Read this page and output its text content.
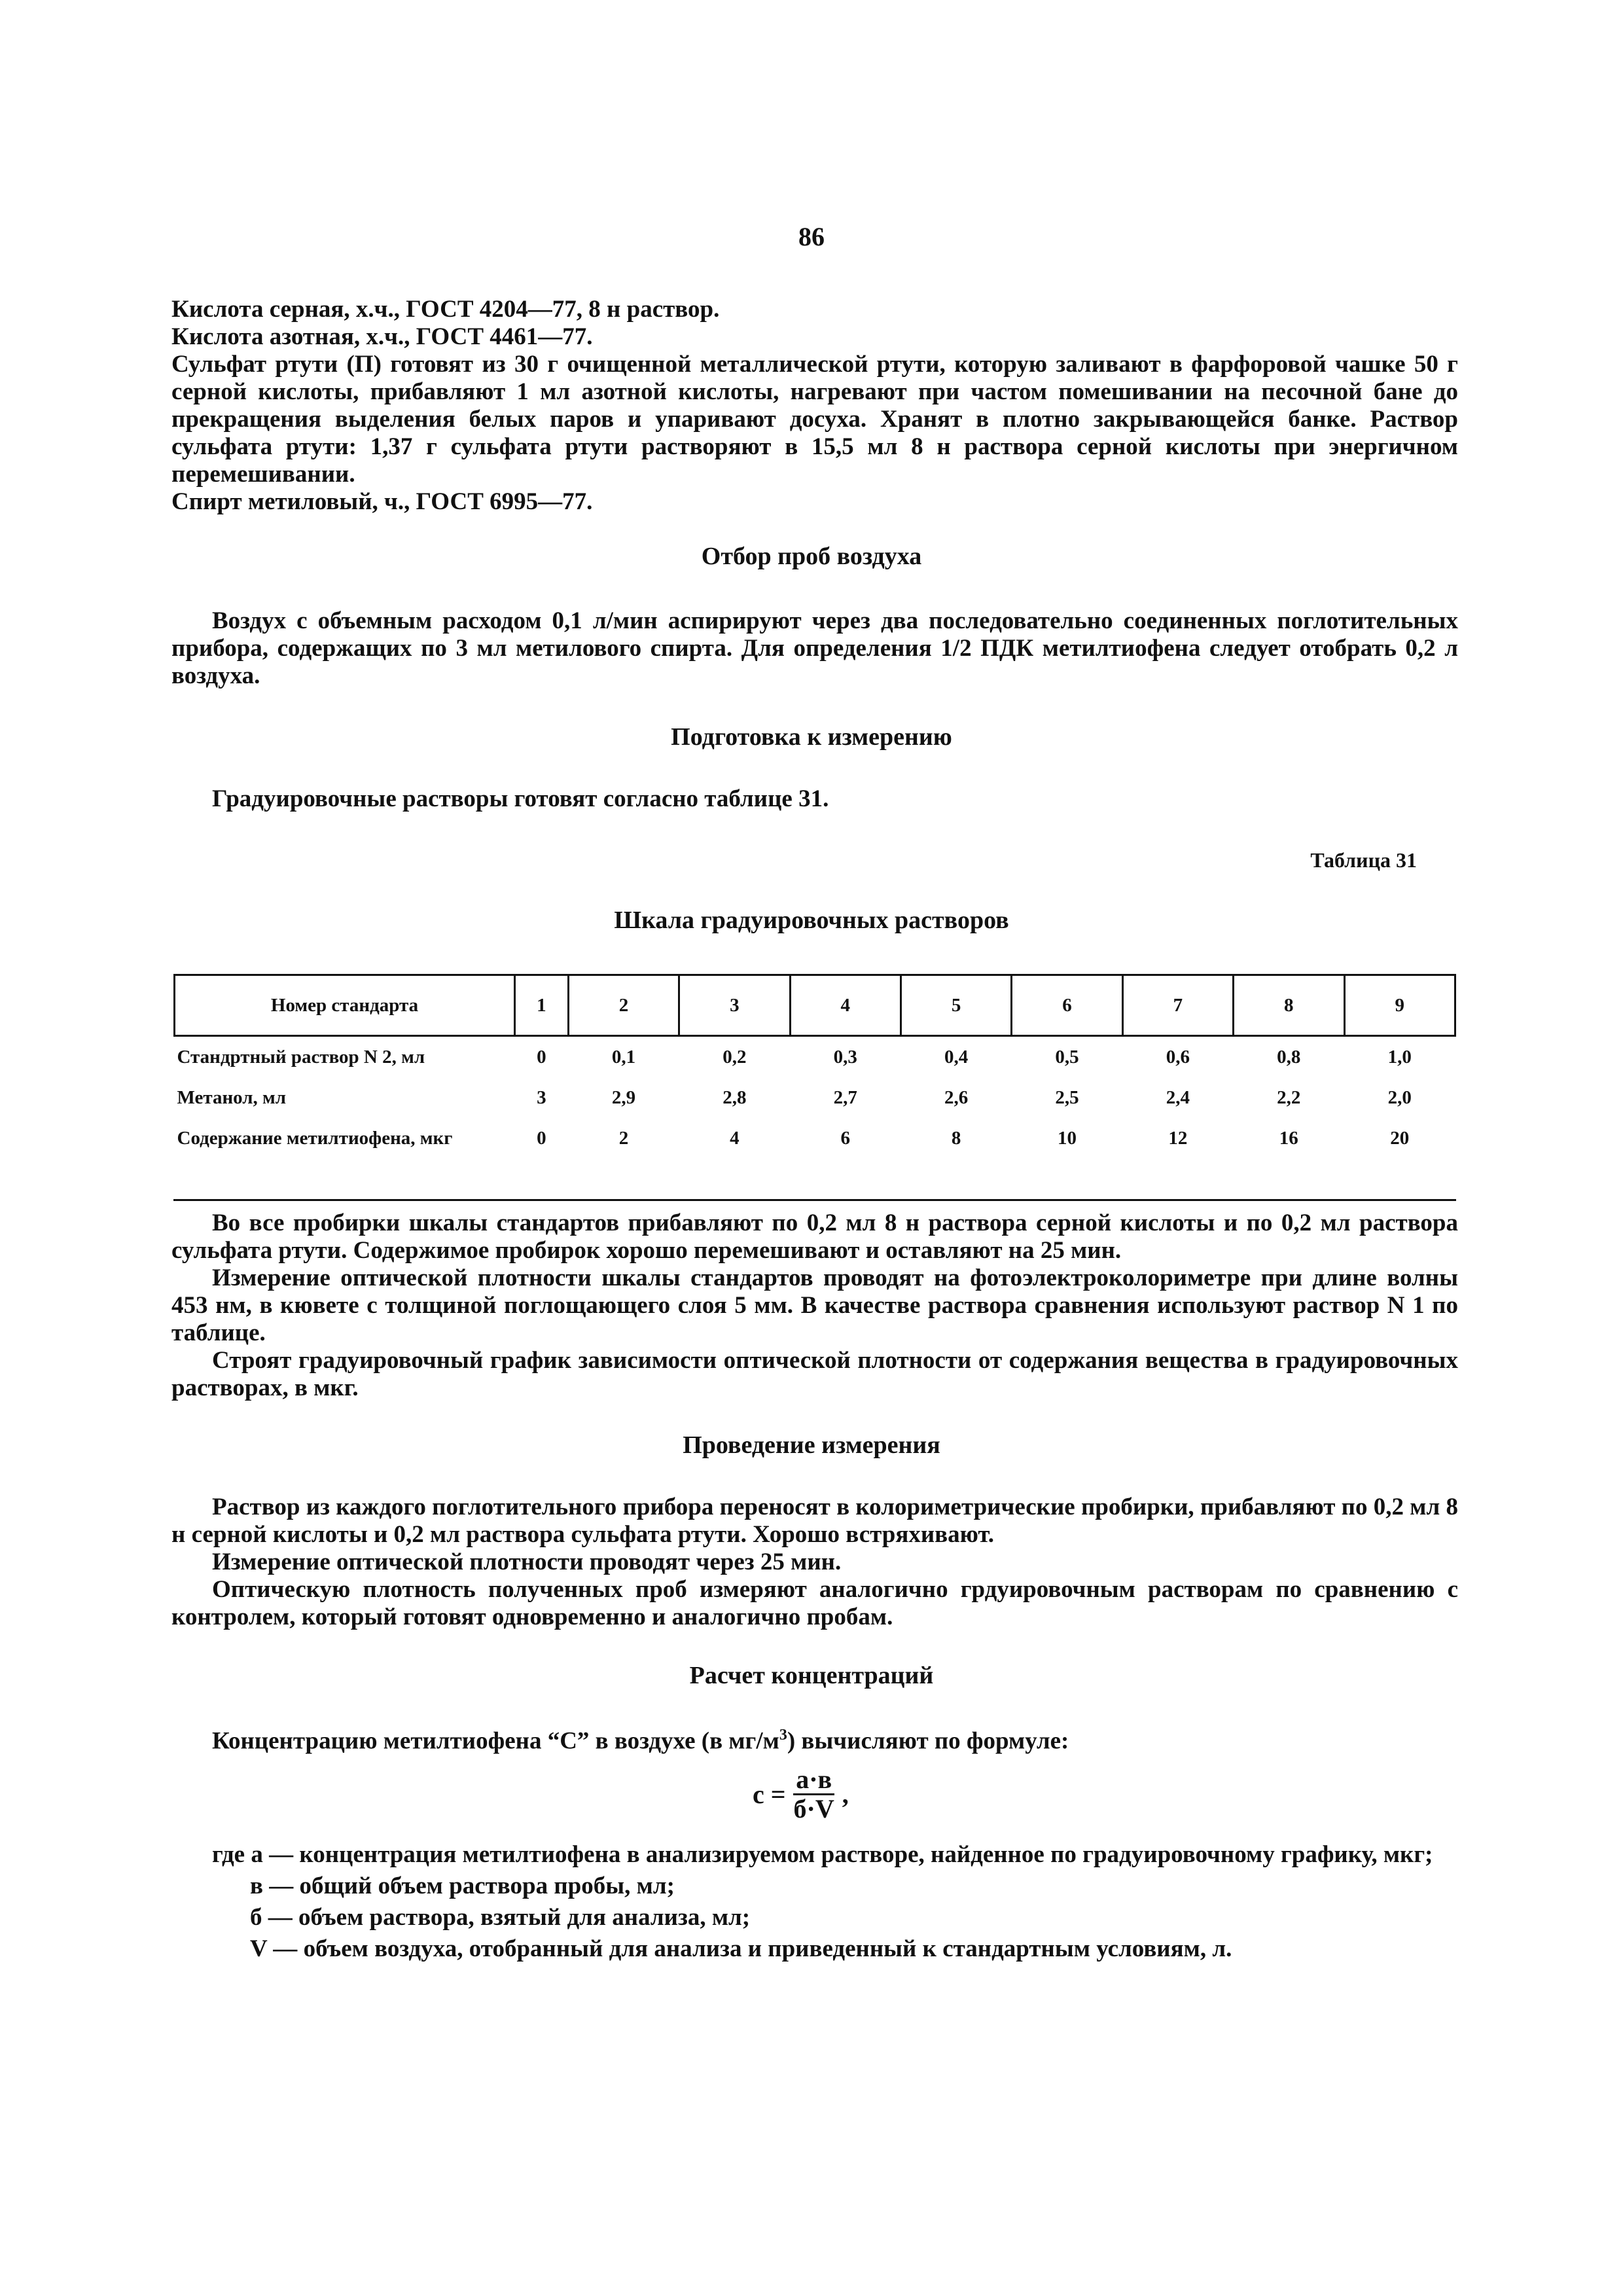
86

Кислота серная, х.ч., ГОСТ 4204—77, 8 н раствор.

Кислота азотная, х.ч., ГОСТ 4461—77.

Сульфат ртути (П) готовят из 30 г очищенной металлической ртути, которую заливают в фарфоровой чашке 50 г серной кислоты, прибавляют 1 мл азотной кислоты, нагревают при частом помешивании на песочной бане до прекращения выделения белых паров и упаривают досуха. Хранят в плотно закрывающейся банке. Раствор сульфата ртути: 1,37 г сульфата ртути растворяют в 15,5 мл 8 н раствора серной кислоты при энергичном перемешивании.

Спирт метиловый, ч., ГОСТ 6995—77.

Отбор проб воздуха

Воздух с объемным расходом 0,1 л/мин аспирируют через два последовательно соединенных поглотительных прибора, содержащих по 3 мл метилового спирта. Для определения 1/2 ПДК метилтиофена следует отобрать 0,2 л воздуха.

Подготовка к измерению

Градуировочные растворы готовят согласно таблице 31.

Таблица 31
Шкала градуировочных растворов
Номер стандарта	1	2	3	4	5	6	7	8	9
Стандртный раствор N 2, мл	0	0,1	0,2	0,3	0,4	0,5	0,6	0,8	1,0
Метанол, мл	3	2,9	2,8	2,7	2,6	2,5	2,4	2,2	2,0
Содержание метилтиофена, мкг	0	2	4	6	8	10	12	16	20

Во все пробирки шкалы стандартов прибавляют по 0,2 мл 8 н раствора серной кислоты и по 0,2 мл раствора сульфата ртути. Содержимое пробирок хорошо перемешивают и оставляют на 25 мин.

Измерение оптической плотности шкалы стандартов проводят на фотоэлектроколориметре при длине волны 453 нм, в кювете с толщиной поглощающего слоя 5 мм. В качестве раствора сравнения используют раствор N 1 по таблице.

Строят градуировочный график зависимости оптической плотности от содержания вещества в градуировочных растворах, в мкг.

Проведение измерения

Раствор из каждого поглотительного прибора переносят в колориметрические пробирки, прибавляют по 0,2 мл 8 н серной кислоты и 0,2 мл раствора сульфата ртути. Хорошо встряхивают.

Измерение оптической плотности проводят через 25 мин.

Оптическую плотность полученных проб измеряют аналогично грдуировочным растворам по сравнению с контролем, который готовят одновременно и аналогично пробам.

Расчет концентраций

Концентрацию метилтиофена “С” в воздухе (в $мг/м^3$) вычисляют по формуле:

$с = \frac{а\cdot в}{б\cdot V}$ ,
где а — концентрация метилтиофена в анализируемом растворе, найденное по градуировочному графику, мкг;
в — общий объем раствора пробы, мл;
б — объем раствора, взятый для анализа, мл;
V — объем воздуха, отобранный для анализа и приведенный к стандартным условиям, л.
